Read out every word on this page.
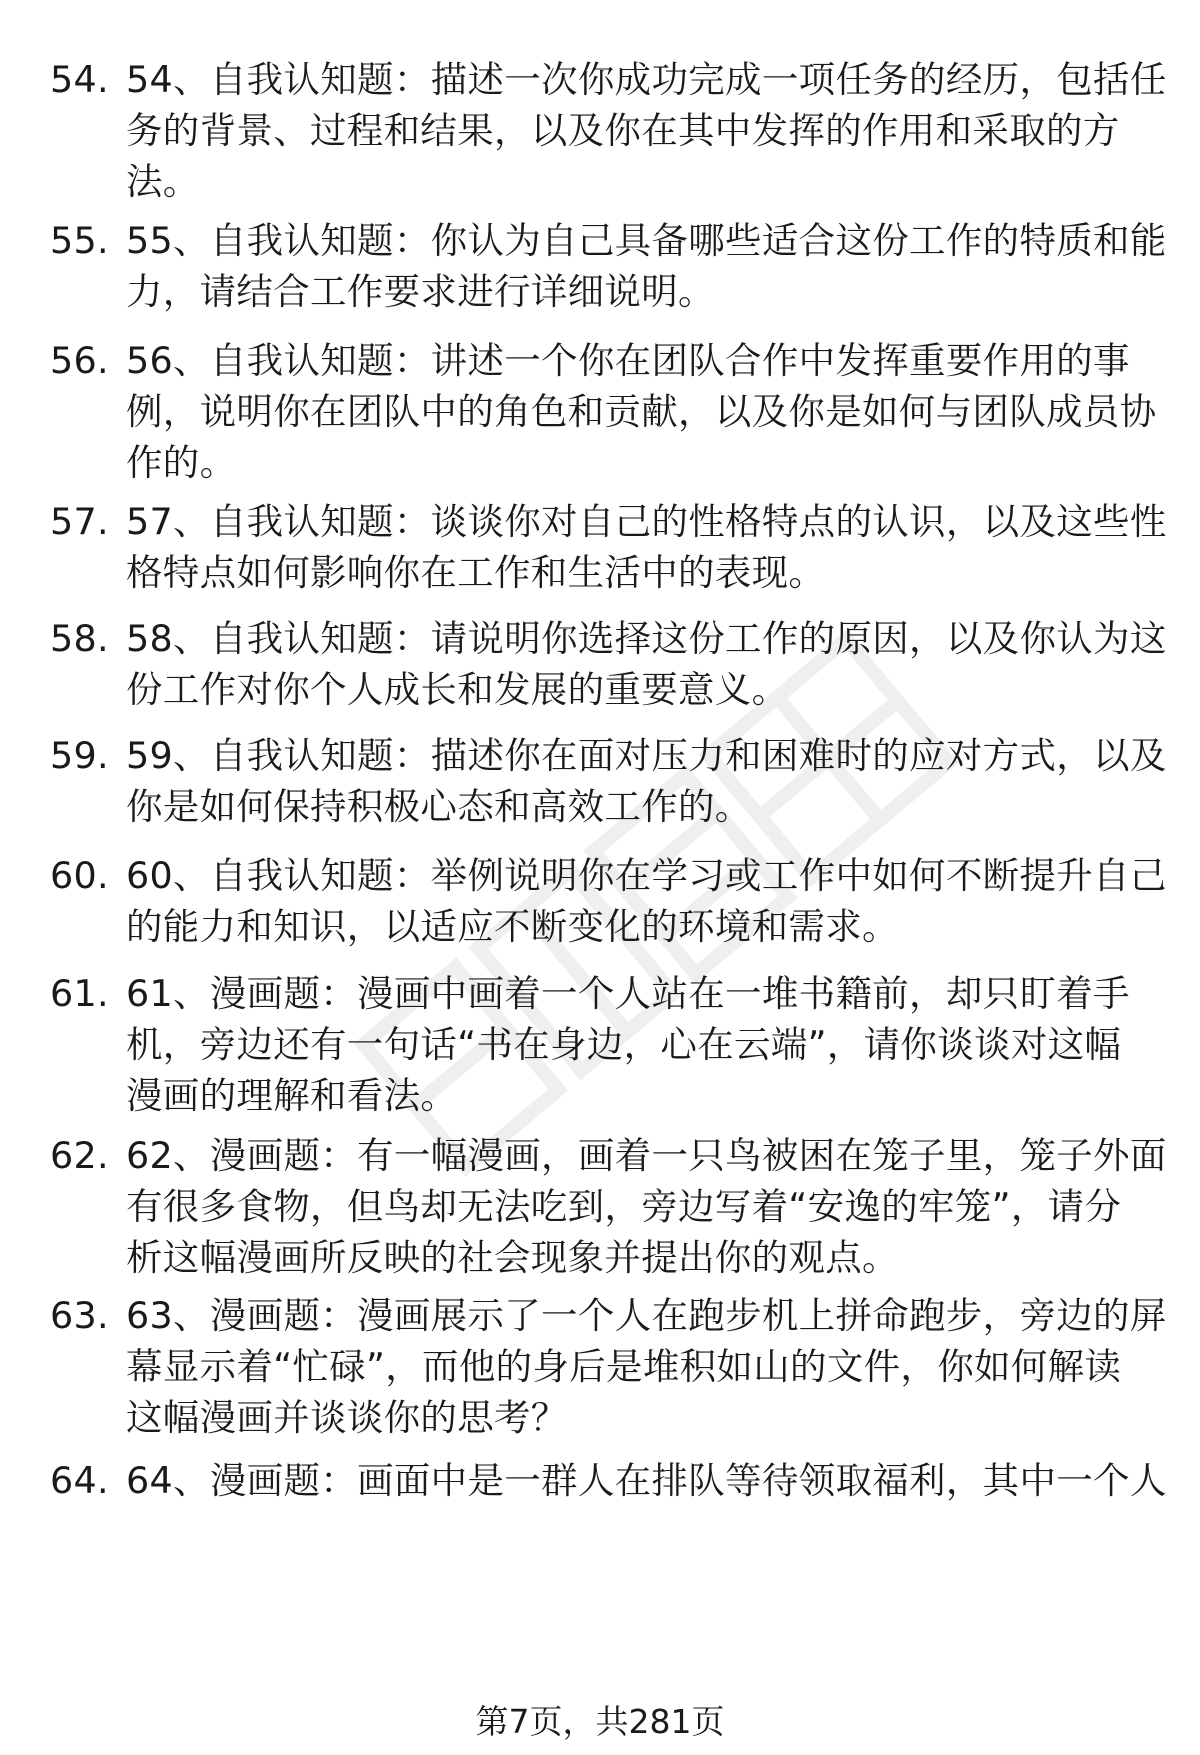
54. 54、自我认知题：描述一次你成功完成一项任务的经历，包括任
务的背景、过程和结果，以及你在其中发挥的作用和采取的方
法。
55. 55、自我认知题：你认为自己具备哪些适合这份工作的特质和能
力，请结合工作要求进行详细说明。
56. 56、自我认知题：讲述一个你在团队合作中发挥重要作用的事
例，说明你在团队中的角色和贡献，以及你是如何与团队成员协
作的。
57. 57、自我认知题：谈谈你对自己的性格特点的认识，以及这些性
格特点如何影响你在工作和生活中的表现。
58. 58、自我认知题：请说明你选择这份工作的原因，以及你认为这
份工作对你个人成长和发展的重要意义。
59. 59、自我认知题：描述你在面对压力和困难时的应对方式，以及
你是如何保持积极心态和高效工作的。
60. 60、自我认知题：举例说明你在学习或工作中如何不断提升自己
的能力和知识，以适应不断变化的环境和需求。
61. 61、漫画题：漫画中画着一个人站在一堆书籍前，却只盯着手
机，旁边还有一句话“书在身边，心在云端”，请你谈谈对这幅
漫画的理解和看法。
62. 62、漫画题：有一幅漫画，画着一只鸟被困在笼子里，笼子外面
有很多食物，但鸟却无法吃到，旁边写着“安逸的牢笼”，请分
析这幅漫画所反映的社会现象并提出你的观点。
63. 63、漫画题：漫画展示了一个人在跑步机上拼命跑步，旁边的屏
幕显示着“忙碌”，而他的身后是堆积如山的文件，你如何解读
这幅漫画并谈谈你的思考？
64. 64、漫画题：画面中是一群人在排队等待领取福利，其中一个人
第7页，共281页
